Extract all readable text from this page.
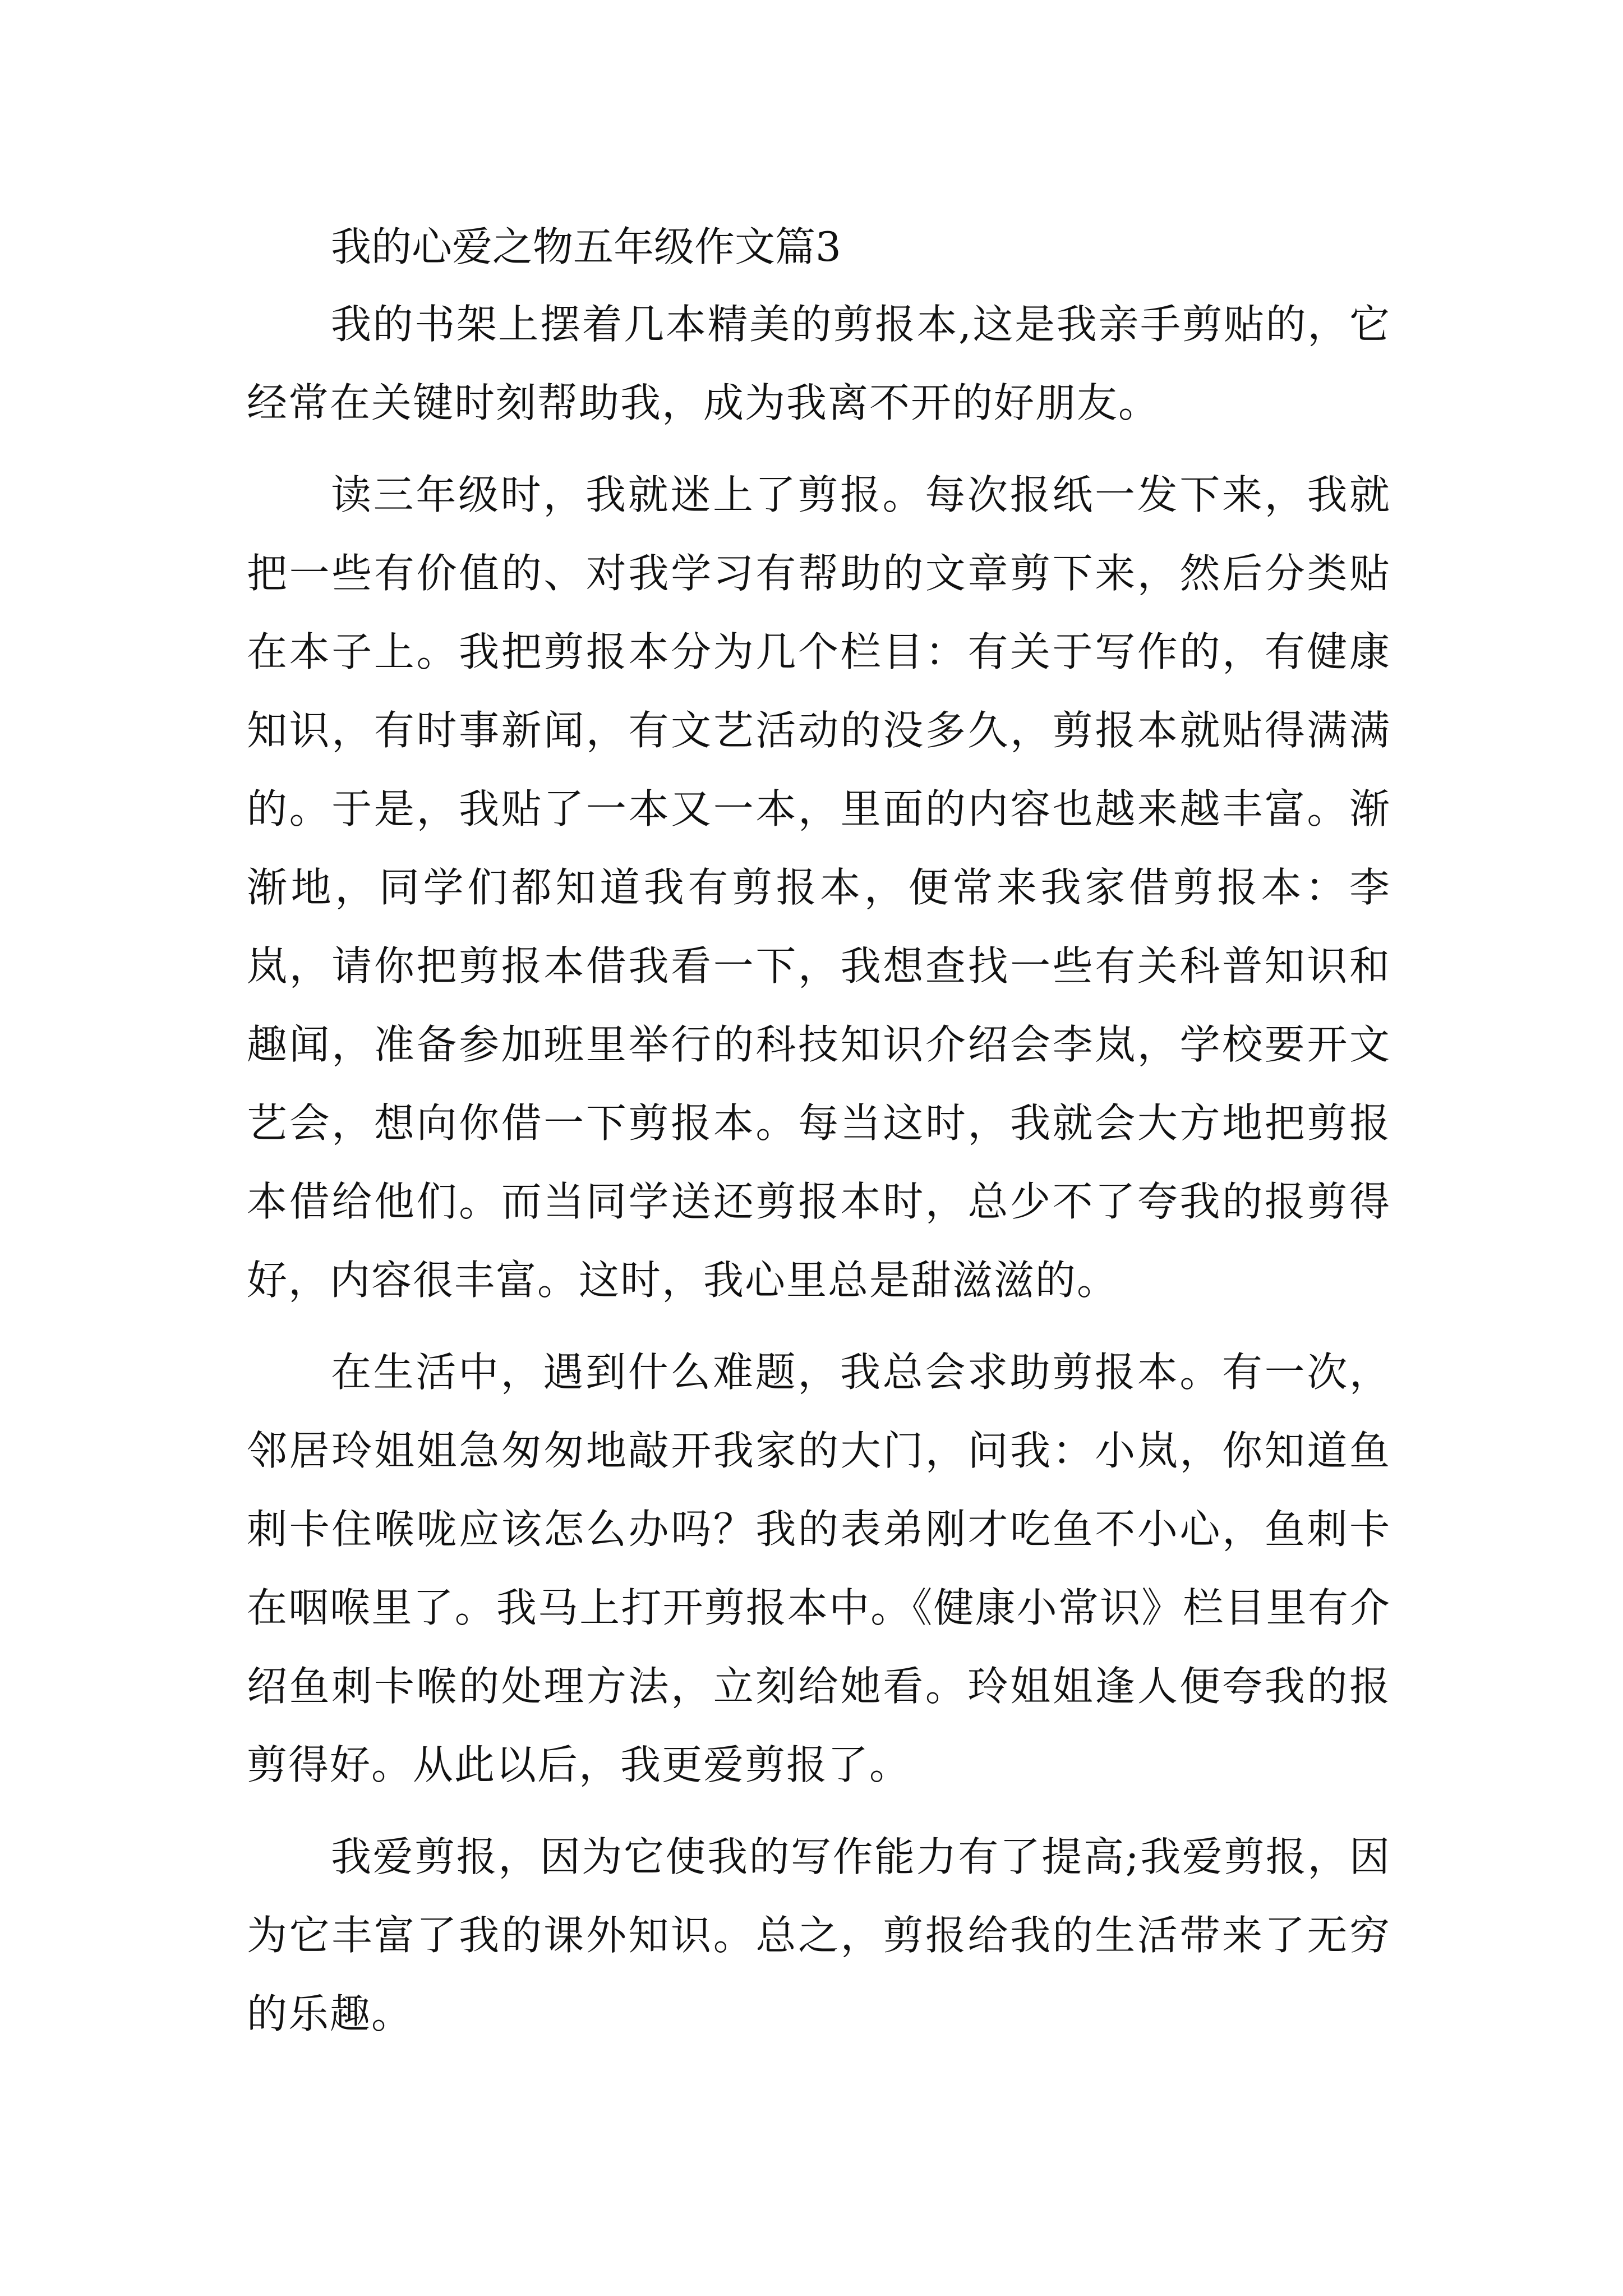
我的心爱之物五年级作文篇3

我的书架上摆着几本精美的剪报本,这是我亲手剪贴的，它经常在关键时刻帮助我，成为我离不开的好朋友。

读三年级时，我就迷上了剪报。每次报纸一发下来，我就把一些有价值的、对我学习有帮助的文章剪下来，然后分类贴在本子上。我把剪报本分为几个栏目：有关于写作的，有健康知识，有时事新闻，有文艺活动的没多久，剪报本就贴得满满的。于是，我贴了一本又一本，里面的内容也越来越丰富。渐渐地，同学们都知道我有剪报本，便常来我家借剪报本：李岚，请你把剪报本借我看一下，我想查找一些有关科普知识和趣闻，准备参加班里举行的科技知识介绍会李岚，学校要开文艺会，想向你借一下剪报本。每当这时，我就会大方地把剪报本借给他们。而当同学送还剪报本时，总少不了夸我的报剪得好，内容很丰富。这时，我心里总是甜滋滋的。

在生活中，遇到什么难题，我总会求助剪报本。有一次，邻居玲姐姐急匆匆地敲开我家的大门，问我：小岚，你知道鱼刺卡住喉咙应该怎么办吗？我的表弟刚才吃鱼不小心，鱼刺卡在咽喉里了。我马上打开剪报本中。《健康小常识》栏目里有介绍鱼刺卡喉的处理方法，立刻给她看。玲姐姐逢人便夸我的报剪得好。从此以后，我更爱剪报了。

我爱剪报，因为它使我的写作能力有了提高;我爱剪报，因为它丰富了我的课外知识。总之，剪报给我的生活带来了无穷的乐趣。
